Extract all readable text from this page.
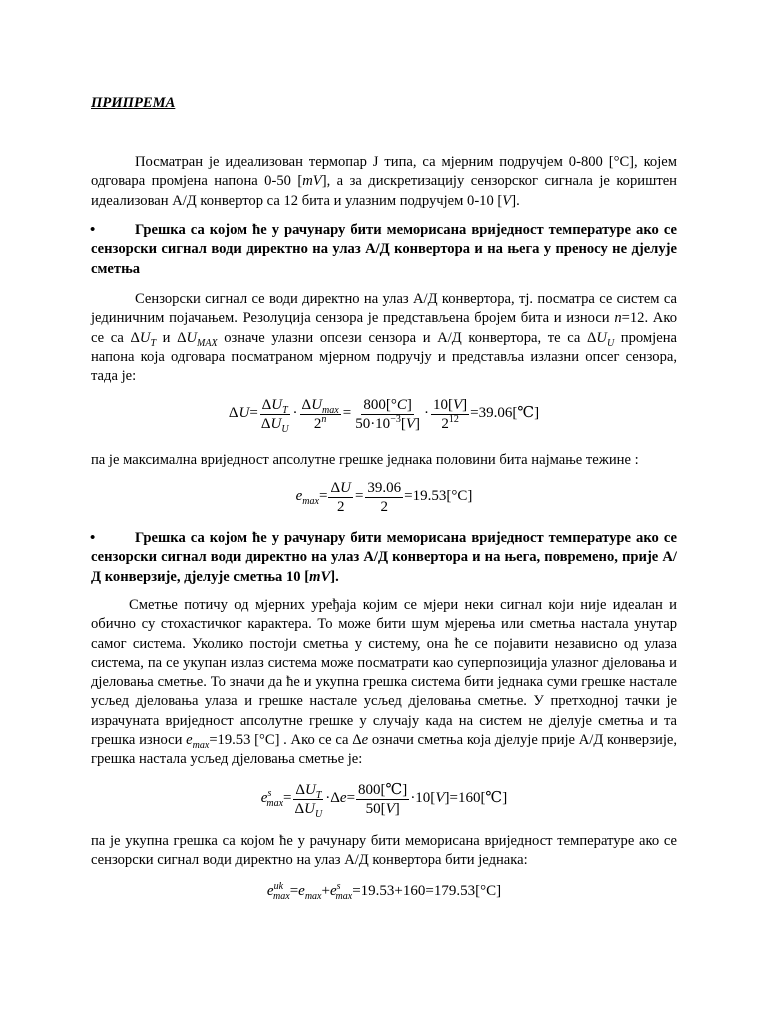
ПРИПРЕМА
Посматран је идеализован термопар J типа, са мјерним подручјем 0-800 [°C], којем одговара промјена напона 0-50 [mV], а за дискретизацију сензорског сигнала је кориштен идеализован А/Д конвертор са 12 бита и улазним подручјем 0-10 [V].
•	Грешка са којом ће у рачунару бити меморисана вриједност температуре ако се сензорски сигнал води директно на улаз А/Д конвертора и на њега у преносу не дјелује сметња
Сензорски сигнал се води директно на улаз А/Д конвертора, тј. посматра се систем са јединичним појачањем. Резолуција сензора је представљена бројем бита и износи n=12. Ако се са $\Delta U_T$ и $\Delta U_{MAX}$ означе улазни опсези сензора и А/Д конвертора, те са $\Delta U_U$ промјена напона која одговара посматраном мјерном подручју и представља излазни опсег сензора, тада је:
$\Delta U= \frac{\Delta U_T}{\Delta U_U} \cdot \frac{\Delta U_{max}}{2^n} = \frac{800[^\circ C]}{50\cdot 10^{-3}[V]} \cdot \frac{10[V]}{2^{12}}$ =39.06[℃]
па је максимална вриједност апсолутне грешке једнака половини бита најмање тежине :
$e_{max}= \frac{\Delta U}{2} = \frac{39.06}{2} =19.53[^\circ C]$
•	Грешка са којом ће у рачунару бити меморисана вриједност температуре ако се сензорски сигнал води директно на улаз А/Д конвертора и на њега, повремено, прије А/Д конверзије, дјелује сметња 10 [mV].
Сметње потичу од мјерних уређаја којим се мјери неки сигнал који није идеалан и обично су стохастичког карактера. То може бити шум мјерења или сметња настала унутар самог система. Уколико постоји сметња у систему, она ће се појавити независно од улаза система, па се укупан излаз система може посматрати као суперпозиција улазног дјеловања и дјеловања сметње. То значи да ће и укупна грешка система бити једнака суми грешке настале усљед дјеловања улаза и грешке настале усљед дјеловања сметње. У претходној тачки је израчуната вриједност апсолутне грешке у случају када на систем не дјелује сметња и та грешка износи $e_{max}=19.53$ [°C] . Ако се са Δe означи сметња која дјелује прије А/Д конверзије, грешка настала усљед дјеловања сметње је:
$e^s_{max}= \frac{\Delta U_T}{\Delta U_U} \cdot\Delta e= \frac{800[℃]}{50[V]}$ ·10[V]=160[℃]
па је укупна грешка са којом ће у рачунару бити меморисана вриједност температуре ако се сензорски сигнал води директно на улаз А/Д конвертора бити једнака:
$e^{uk}_{max}=e_{max}+e^s_{max} =19.53+160=179.53[^\circ C]$
